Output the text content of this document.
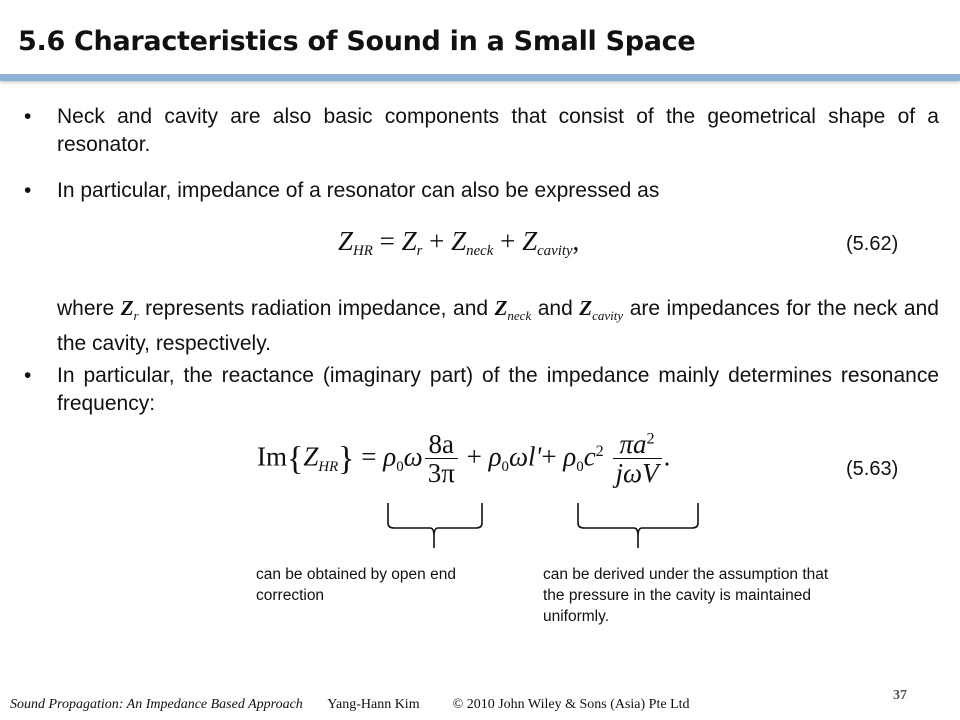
5.6 Characteristics of Sound in a Small Space
• Neck and cavity are also basic components that consist of the geometrical shape of a resonator.

• In particular, impedance of a resonator can also be expressed as

$Z_{HR} = Z_r + Z_{neck} + Z_{cavity}$,	(5.62)

where $Z_r$ represents radiation impedance, and $Z_{neck}$ and $Z_{cavity}$ are impedances for the neck and the cavity, respectively.

• In particular, the reactance (imaginary part) of the impedance mainly determines resonance frequency:

$Im\{Z_{HR}\} = \rho_0\omega \frac{8a}{3\pi} + \rho_0\omega l'+ \rho_0c^2 \frac{\pi a^2}{\text{jωV}}$ .	(5.63)
can be obtained by open end correction
can be derived under the assumption that the pressure in the cavity is maintained uniformly.
Sound Propagation: An Impedance Based Approach Yang-Hann Kim © 2010 John Wiley & Sons (Asia) Pte Ltd
37
